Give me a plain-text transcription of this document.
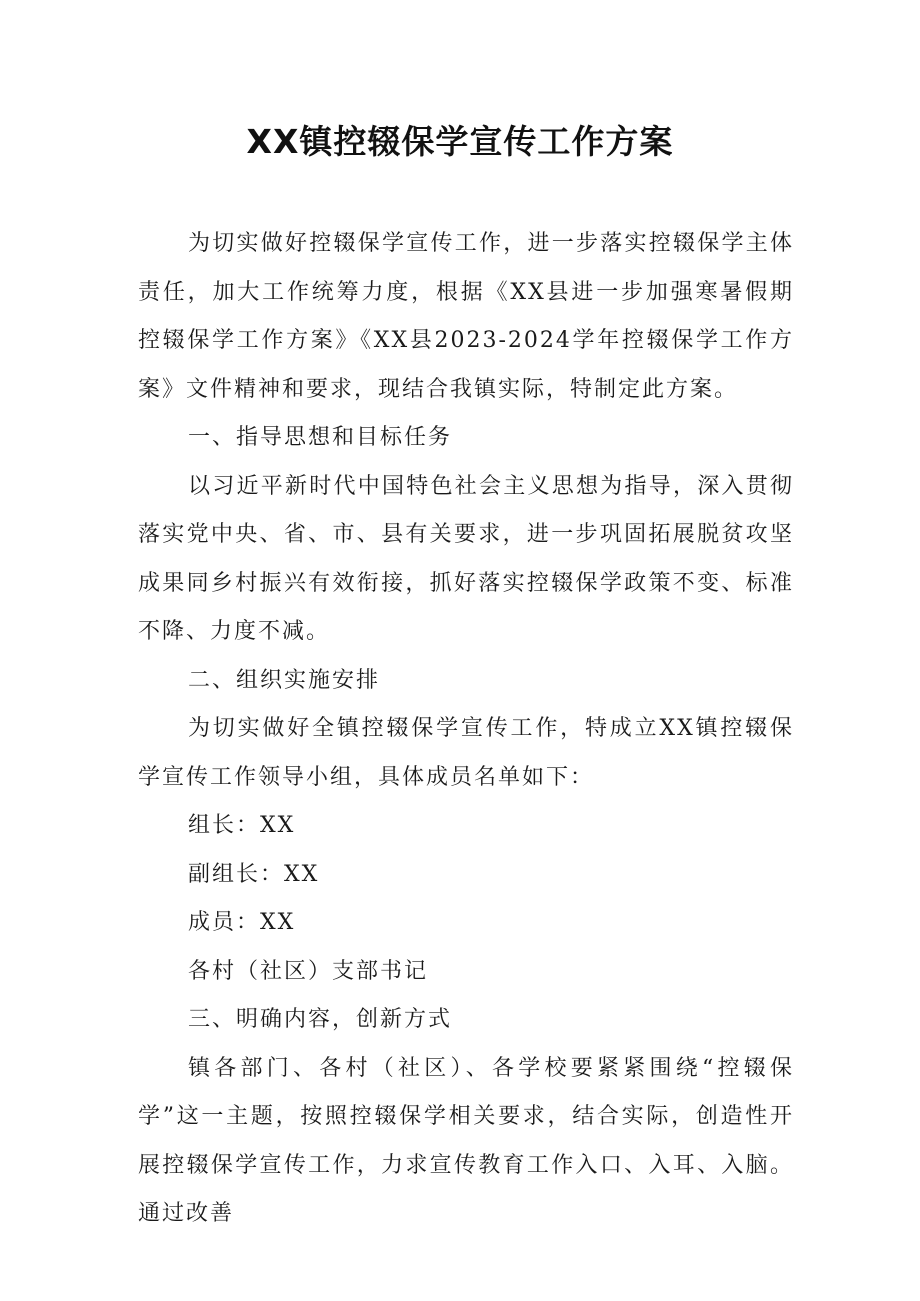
XX镇控辍保学宣传工作方案

为切实做好控辍保学宣传工作，进一步落实控辍保学主体责任，加大工作统筹力度，根据《XX县进一步加强寒暑假期控辍保学工作方案》《XX县2023-2024学年控辍保学工作方案》文件精神和要求，现结合我镇实际，特制定此方案。

一、指导思想和目标任务

以习近平新时代中国特色社会主义思想为指导，深入贯彻落实党中央、省、市、县有关要求，进一步巩固拓展脱贫攻坚成果同乡村振兴有效衔接，抓好落实控辍保学政策不变、标准不降、力度不减。

二、组织实施安排

为切实做好全镇控辍保学宣传工作，特成立XX镇控辍保学宣传工作领导小组，具体成员名单如下：

组长：XX

副组长：XX

成员：XX

各村（社区）支部书记

三、明确内容，创新方式

镇各部门、各村（社区）、各学校要紧紧围绕“控辍保学”这一主题，按照控辍保学相关要求，结合实际，创造性开展控辍保学宣传工作，力求宣传教育工作入口、入耳、入脑。通过改善
